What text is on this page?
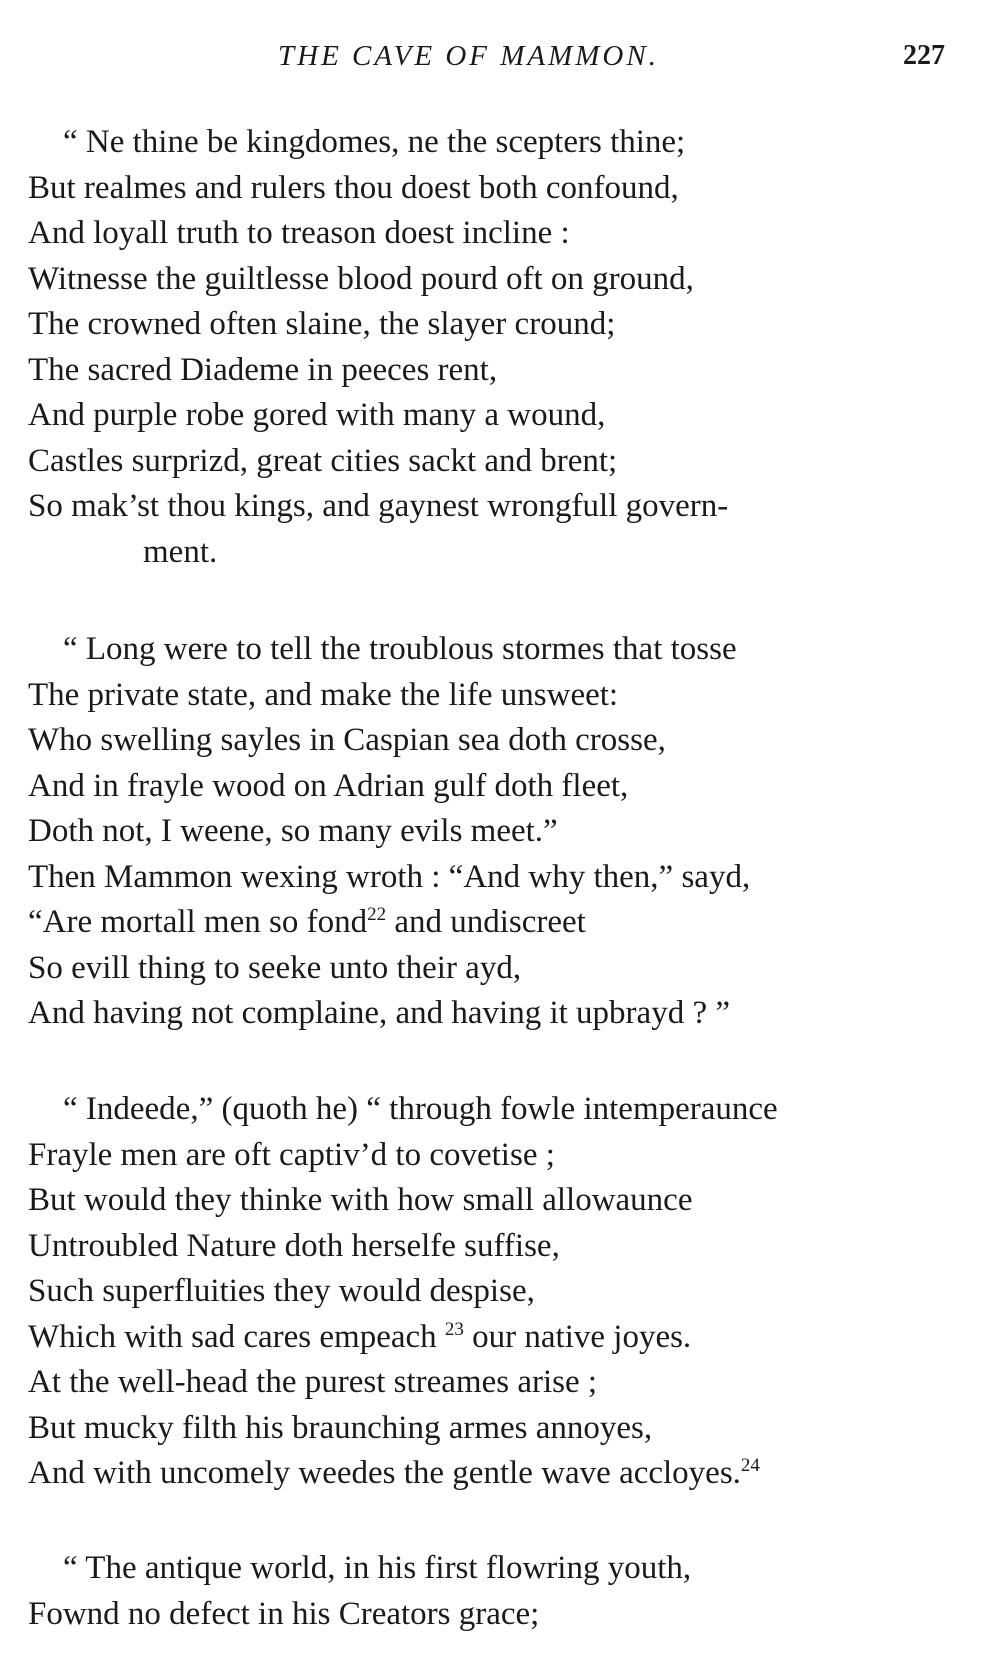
THE CAVE OF MAMMON.	227
“ Ne thine be kingdomes, ne the scepters thine;
But realmes and rulers thou doest both confound,
And loyall truth to treason doest incline :
Witnesse the guiltlesse blood pourd oft on ground,
The crowned often slaine, the slayer cround;
The sacred Diademe in peeces rent,
And purple robe gored with many a wound,
Castles surprizd, great cities sackt and brent;
So mak’st thou kings, and gaynest wrongfull govern-
ment.
“ Long were to tell the troublous stormes that tosse
The private state, and make the life unsweet:
Who swelling sayles in Caspian sea doth crosse,
And in frayle wood on Adrian gulf doth fleet,
Doth not, I weene, so many evils meet.”
Then Mammon wexing wroth : “And why then,” sayd,
“Are mortall men so fond$^{22}$ and undiscreet
So evill thing to seeke unto their ayd,
And having not complaine, and having it upbrayd ? ”
“ Indeede,” (quoth he) “ through fowle intemperaunce
Frayle men are oft captiv’d to covetise ;
But would they thinke with how small allowaunce
Untroubled Nature doth herselfe suffise,
Such superfluities they would despise,
Which with sad cares empeach $^{23}$ our native joyes.
At the well-head the purest streames arise ;
But mucky filth his braunching armes annoyes,
And with uncomely weedes the gentle wave accloyes.$^{24}$
“ The antique world, in his first flowring youth,
Fownd no defect in his Creators grace;
